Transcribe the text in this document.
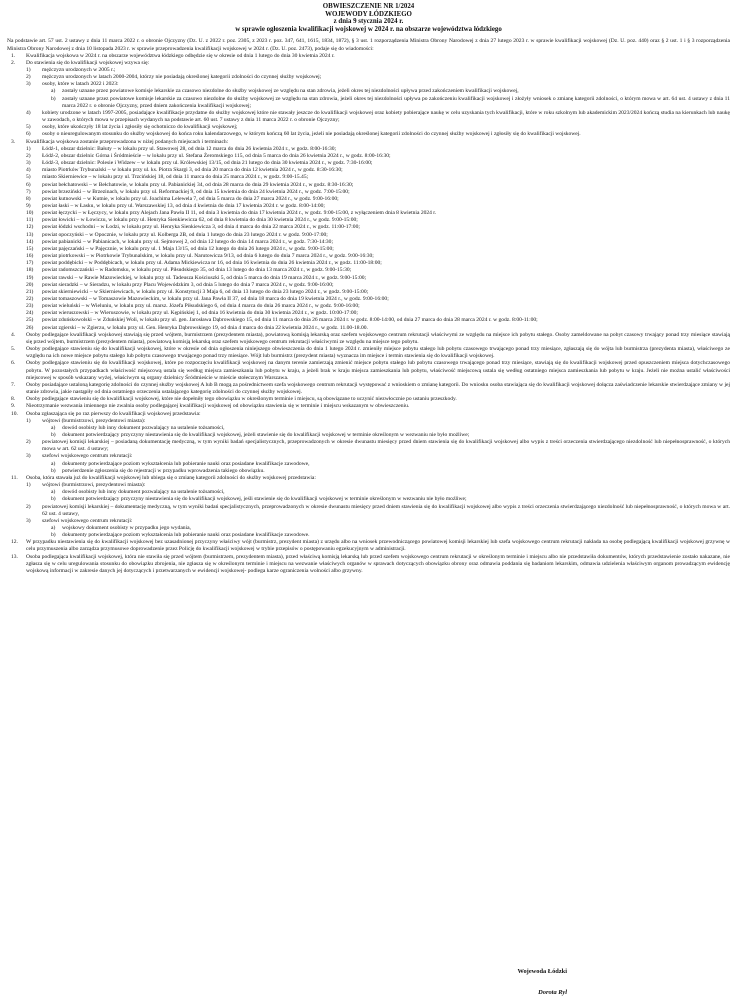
OBWIESZCZENIE NR 1/2024
WOJEWODY ŁÓDZKIEGO
z dnia 9 stycznia 2024 r.
w sprawie ogłoszenia kwalifikacji wojskowej w 2024 r. na obszarze województwa łódzkiego
Na podstawie art. 57 ust. 2 ustawy z dnia 11 marca 2022 r. o obronie Ojczyzny (Dz. U. z 2022 r. poz. 2305, z 2023 r. poz. 347, 641, 1615, 1834, 1872), § 3 ust. 1 rozporządzenia Ministra Obrony Narodowej z dnia 27 lutego 2023 r. w sprawie kwalifikacji wojskowej (Dz. U. poz. 440) oraz § 2 ust. 1 i § 3 rozporządzenia Ministra Obrony Narodowej z dnia 10 listopada 2023 r. w sprawie przeprowadzenia kwalifikacji wojskowej w 2024 r. (Dz. U. poz. 2473), podaje się do wiadomości:
1. Kwalifikacja wojskowa w 2024 r. na obszarze województwa łódzkiego odbędzie się w okresie od dnia 1 lutego do dnia 30 kwietnia 2024 r.
2. Do stawienia się do kwalifikacji wojskowej wzywa się:
1) mężczyzn urodzonych w 2005 r.;
2) mężczyzn urodzonych w latach 2000-2004, którzy nie posiadają określonej kategorii zdolności do czynnej służby wojskowej;
3) osoby, które w latach 2022 i 2023:
a) zostały uznane przez powiatowe komisje lekarskie za czasowo niezdolne do służby wojskowej ze względu na stan zdrowia, jeżeli okres tej niezdolności upływa przed zakończeniem kwalifikacji wojskowej,
b) zostały uznane przez powiatowe komisje lekarskie za czasowo niezdolne do służby wojskowej ze względu na stan zdrowia, jeżeli okres tej niezdolności upływa po zakończeniu kwalifikacji wojskowej i złożyły wniosek o zmianę kategorii zdolności, o którym mowa w art. 64 ust. 4 ustawy z dnia 11 marca 2022 r. o obronie Ojczyzny, przed dniem zakończenia kwalifikacji wojskowej;
4) kobiety urodzone w latach 1997-2005, posiadające kwalifikacje przydatne do służby wojskowej które nie stawały jeszcze do kwalifikacji wojskowej oraz kobiety pobierające naukę w celu uzyskania tych kwalifikacji, które w roku szkolnym lub akademickim 2023/2024 kończą studia na kierunkach lub naukę w zawodach, o których mowa w przepisach wydanych na podstawie art. 60 ust. 7 ustawy z dnia 11 marca 2022 r. o obronie Ojczyzny;
5) osoby, które ukończyły 18 lat życia i zgłosiły się ochotniczo do kwalifikacji wojskowej;
6) osoby o nieuregulowanym stosunku do służby wojskowej do końca roku kalendarzowego, w którym kończą 60 lat życia, jeżeli nie posiadają określonej kategorii zdolności do czynnej służby wojskowej i zgłosiły się do kwalifikacji wojskowej.
3. Kwalifikacja wojskowa zostanie przeprowadzona w niżej podanych miejscach i terminach:
1) Łódź-1, obszar dzielnic: Bałuty – w lokalu przy ul. Stawowej 28, od dnia 12 marca do dnia 26 kwietnia 2024 r., w godz. 8:00-16:30;
2) Łódź-2, obszar dzielnic Górna i Śródmieście – w lokalu przy ul. Stefana Żeromskiego 115, od dnia 5 marca do dnia 26 kwietnia 2024 r., w godz. 8:00-16:30;
3) Łódź-3, obszar dzielnic: Polesie i Widzew – w lokalu przy ul. Królewskiej 13/15, od dnia 21 lutego do dnia 30 kwietnia 2024 r., w godz. 7:30-16:00;
4) miasto Piotrków Trybunalski – w lokalu przy ul. ks. Piotra Skargi 3, od dnia 20 marca do dnia 12 kwietnia 2024 r., w godz. 8:30-16:30;
5) miasto Skierniewice – w lokalu przy ul. Trzcińskiej 18, od dnia 11 marca do dnia 25 marca 2024 r., w godz. 9:00-15.45;
6) powiat bełchatowski – w Bełchatowie, w lokalu przy ul. Pabianickiej 34, od dnia 28 marca do dnia 29 kwietnia 2024 r., w godz. 8:30-16:30;
7) powiat brzeziński – w Brzezinach, w lokalu przy ul. Reformackiej 9, od dnia 15 kwietnia do dnia 24 kwietnia 2024 r., w godz. 7:00-15:00;
8) powiat kutnowski – w Kutnie, w lokalu przy ul. Joachima Lelewela 7, od dnia 5 marca do dnia 27 marca 2024 r., w godz. 9:00-16:00;
9) powiat łaski – w Łasku, w lokalu przy ul. Warszawskiej 13, od dnia 4 kwietnia do dnia 17 kwietnia 2024 r. w godz. 8:00-14:00;
10) powiat łęczycki – w Łęczycy, w lokalu przy Alejach Jana Pawła II 11, od dnia 3 kwietnia do dnia 17 kwietnia 2024 r., w godz. 9:00-15:00, z wyłączeniem dnia 8 kwietnia 2024 r.
11) powiat łowicki – w Łowiczu, w lokalu przy ul. Henryka Sienkiewicza 62, od dnia 8 kwietnia do dnia 30 kwietnia 2024 r., w godz. 9:00-15:00;
12) powiat łódzki wschodni – w Łodzi, w lokalu przy ul. Henryka Sienkiewicza 3, od dnia 4 marca do dnia 22 marca 2024 r., w godz. 11:00-17:00;
13) powiat opoczyński – w Opocznie, w lokalu przy ul. Kolberga 2B, od dnia 1 lutego do dnia 23 lutego 2024 r. w godz. 9:00-17:00;
14) powiat pabianicki – w Pabianicach, w lokalu przy ul. Sejmowej 2, od dnia 12 lutego do dnia 14 marca 2024 r., w godz. 7:30-14:30;
15) powiat pajęczański – w Pajęcznie, w lokalu przy ul. 1 Maja 13/15, od dnia 12 lutego do dnia 26 lutego 2024 r., w godz. 9:00-15:00;
16) powiat piotrkowski – w Piotrkowie Trybunalskim, w lokalu przy ul. Narutowicza 9/13, od dnia 6 lutego do dnia 7 marca 2024 r., w godz. 9:00-16:30;
17) powiat poddębicki – w Poddębicach, w lokalu przy ul. Adama Mickiewicza nr 16, od dnia 16 kwietnia do dnia 26 kwietnia 2024 r., w godz. 11:00-18:00;
18) powiat radomszczański – w Radomsku, w lokalu przy ul. Piłsudskiego 35, od dnia 13 lutego do dnia 13 marca 2024 r., w godz. 9:00-15:30;
19) powiat rawski – w Rawie Mazowieckiej, w lokalu przy ul. Tadeusza Kościuszki 5, od dnia 5 marca do dnia 19 marca 2024 r., w godz. 9:00-15:00;
20) powiat sieradzki – w Sieradzu, w lokalu przy Placu Wojewódzkim 3, od dnia 5 lutego do dnia 7 marca 2024 r., w godz. 9:00-16:00;
21) powiat skierniewicki – w Skierniewicach, w lokalu przy ul. Konstytucji 3 Maja 6, od dnia 13 lutego do dnia 23 lutego 2024 r., w godz. 9:00-15:00;
22) powiat tomaszowski – w Tomaszowie Mazowieckim, w lokalu przy ul. Jana Pawła II 37, od dnia 18 marca do dnia 19 kwietnia 2024 r., w godz. 9:00-16:00;
23) powiat wieluński – w Wieluniu, w lokalu przy ul. marsz. Józefa Piłsudskiego 6, od dnia 4 marca do dnia 26 marca 2024 r., w godz. 9:00-16:00;
24) powiat wieruszowski – w Wieruszowie, w lokalu przy ul. Kępińskiej 1, od dnia 16 kwietnia do dnia 30 kwietnia 2024 r., w godz. 10:00-17:00;
25) powiat zduńskowolski – w Zduńskiej Woli, w lokalu przy ul. gen. Jarosława Dąbrowskiego 15, od dnia 11 marca do dnia 26 marca 2024 r. w godz. 8:00-14:00, od dnia 27 marca do dnia 28 marca 2024 r. w godz. 8:00-11:00;
26) powiat zgierski – w Zgierzu, w lokalu przy ul. Gen. Henryka Dąbrowskiego 19, od dnia 4 marca do dnia 22 kwietnia 2024 r., w godz. 11.00-18.00.
4. Osoby podlegające kwalifikacji wojskowej stawiają się przed wójtem, burmistrzem (prezydentem miasta), powiatową komisją lekarską oraz szefem wojskowego centrum rekrutacji właściwymi ze względu na miejsce ich pobytu stałego. Osoby zameldowane na pobyt czasowy trwający ponad trzy miesiące stawiają się przed wójtem, burmistrzem (prezydentem miasta), powiatową komisją lekarską oraz szefem wojskowego centrum rekrutacji właściwymi ze względu na miejsce tego pobytu.
5. Osoby podlegające stawieniu się do kwalifikacji wojskowej, które w okresie od dnia ogłoszenia niniejszego obwieszczenia do dnia 1 lutego 2024 r. zmieniły miejsce pobytu stałego lub pobytu czasowego trwającego ponad trzy miesiące, zgłaszają się do wójta lub burmistrza (prezydenta miasta), właściwego ze względu na ich nowe miejsce pobytu stałego lub pobytu czasowego trwającego ponad trzy miesiące. Wójt lub burmistrz (prezydent miasta) wyznacza im miejsce i termin stawienia się do kwalifikacji wojskowej.
6. Osoby podlegające stawieniu się do kwalifikacji wojskowej, które po rozpoczęciu kwalifikacji wojskowej na danym terenie zamierzają zmienić miejsce pobytu stałego lub pobytu czasowego trwającego ponad trzy miesiące, stawiają się do kwalifikacji wojskowej przed opuszczeniem miejsca dotychczasowego pobytu. W pozostałych przypadkach właściwość miejscową ustala się według miejsca zamieszkania lub pobytu w kraju, a jeżeli brak w kraju miejsca zamieszkania lub pobytu, właściwość miejscową ustala się według ostatniego miejsca zamieszkania lub pobytu w kraju. Jeżeli nie można ustalić właściwości miejscowej w sposób wskazany wyżej, właściwym są organy dzielnicy Śródmieście w mieście stołecznym Warszawa.
7. Osoby posiadające ustaloną kategorię zdolności do czynnej służby wojskowej A lub B mogą za pośrednictwem szefa wojskowego centrum rekrutacji występować z wnioskiem o zmianę kategorii. Do wniosku osoba stawiająca się do kwalifikacji wojskowej dołącza zaświadczenie lekarskie stwierdzające zmiany w jej stanie zdrowia, jakie nastąpiły od dnia ostatniego orzeczenia ustalającego kategorię zdolności do czynnej służby wojskowej.
8. Osoby podlegające stawieniu się do kwalifikacji wojskowej, które nie dopełniły tego obowiązku w określonym terminie i miejscu, są obowiązane to uczynić niezwłocznie po ustaniu przeszkody.
9. Nieotrzymanie wezwania imiennego nie zwalnia osoby podlegającej kwalifikacji wojskowej od obowiązku stawienia się w terminie i miejscu wskazanym w obwieszczeniu.
10. Osoba zgłaszająca się po raz pierwszy do kwalifikacji wojskowej przedstawia:
1) wójtowi (burmistrzowi, prezydentowi miasta):
a) dowód osobisty lub inny dokument pozwalający na ustalenie tożsamości,
b) dokument potwierdzający przyczyny niestawienia się do kwalifikacji wojskowej, jeżeli stawienie się do kwalifikacji wojskowej w terminie określonym w wezwaniu nie było możliwe;
2) powiatowej komisji lekarskiej – posiadaną dokumentację medyczną, w tym wyniki badań specjalistycznych, przeprowadzonych w okresie dwunastu miesięcy przed dniem stawienia się do kwalifikacji wojskowej albo wypis z treści orzeczenia stwierdzającego niezdolność lub niepełnosprawność, o których mowa w art. 62 ust. 4 ustawy;
3) szefowi wojskowego centrum rekrutacji:
a) dokumenty potwierdzające poziom wykształcenia lub pobieranie nauki oraz posiadane kwalifikacje zawodowe,
b) potwierdzenie zgłoszenia się do rejestracji w przypadku wprowadzenia takiego obowiązku.
11. Osoba, która stawała już do kwalifikacji wojskowej lub ubiega się o zmianę kategorii zdolności do służby wojskowej przedstawia:
1) wójtowi (burmistrzowi, prezydentowi miasta):
a) dowód osobisty lub inny dokument pozwalający na ustalenie tożsamości,
b) dokument potwierdzający przyczyny niestawienia się do kwalifikacji wojskowej, jeśli stawienie się do kwalifikacji wojskowej w terminie określonym w wezwaniu nie było możliwe;
2) powiatowej komisji lekarskiej – dokumentację medyczną, w tym wyniki badań specjalistycznych, przeprowadzonych w okresie dwunastu miesięcy przed dniem stawienia się do kwalifikacji wojskowej albo wypis z treści orzeczenia stwierdzającego niezdolność lub niepełnosprawność, o których mowa w art. 62 ust. 4 ustawy,
3) szefowi wojskowego centrum rekrutacji:
a) wojskowy dokument osobisty w przypadku jego wydania,
b) dokumenty potwierdzające poziom wykształcenia lub pobieranie nauki oraz posiadane kwalifikacje zawodowe.
12. W przypadku niestawienia się do kwalifikacji wojskowej bez uzasadnionej przyczyny właściwy wójt (burmistrz, prezydent miasta) z urzędu albo na wniosek przewodniczącego powiatowej komisji lekarskiej lub szefa wojskowego centrum rekrutacji nakłada na osobę podlegającą kwalifikacji wojskowej grzywnę w celu przymuszenia albo zarządza przymusowe doprowadzenie przez Policję do kwalifikacji wojskowej w trybie przepisów o postępowaniu egzekucyjnym w administracji.
13. Osoba podlegająca kwalifikacji wojskowej, która nie stawiła się przed wójtem (burmistrzem, prezydentem miasta), przed właściwą komisją lekarską lub przed szefem wojskowego centrum rekrutacji w określonym terminie i miejscu albo nie przedstawiła dokumentów, których przedstawienie zostało nakazane, nie zgłasza się w celu uregulowania stosunku do obowiązku zbrojenia, nie zgłasza się w określonym terminie i miejscu na wezwanie właściwych organów w sprawach dotyczących obowiązku obrony oraz odmawia poddania się badaniom lekarskim, odmawia udzielenia właściwym organom prowadzącym ewidencję wojskową informacji w zakresie danych jej dotyczących i przetwarzanych w ewidencji wojskowej- podlega karze ograniczenia wolności albo grzywny.
Wojewoda Łódzki
Dorota Ryl
